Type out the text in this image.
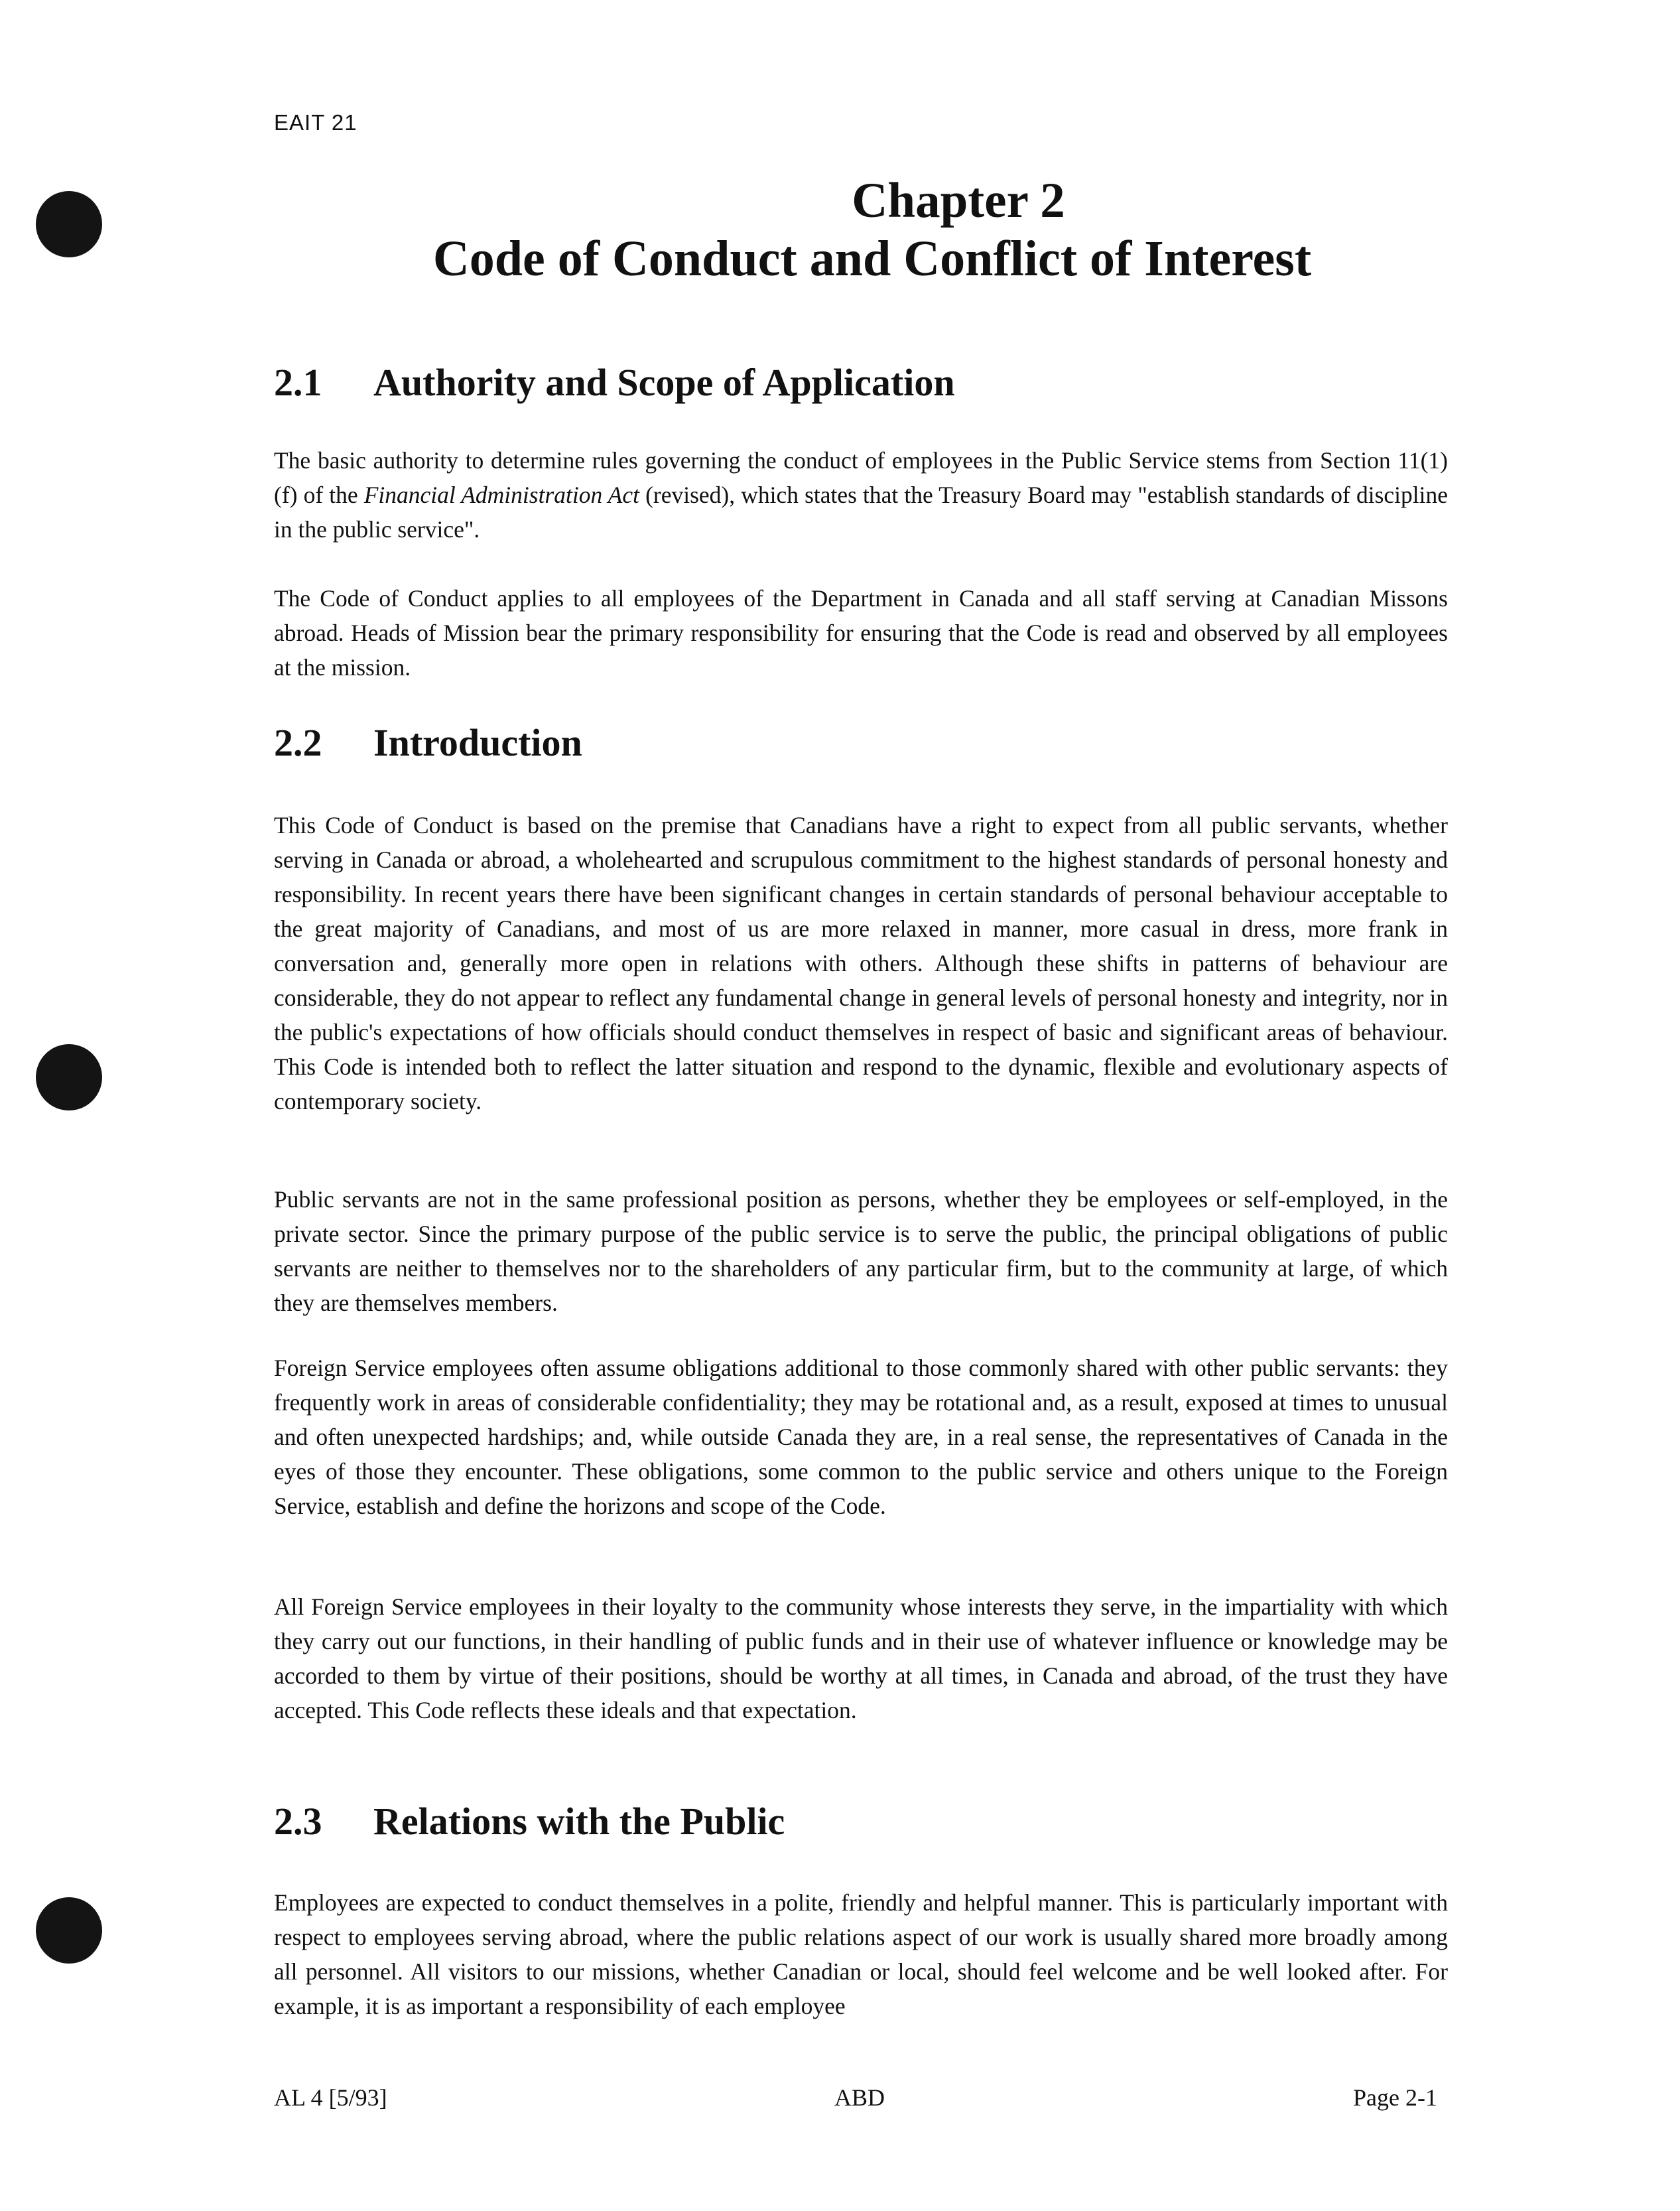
EAIT 21
Chapter 2
Code of Conduct and Conflict of Interest
2.1 Authority and Scope of Application

The basic authority to determine rules governing the conduct of employees in the Public Service stems from Section 11(1)(f) of the Financial Administration Act (revised), which states that the Treasury Board may "establish standards of discipline in the public service".

The Code of Conduct applies to all employees of the Department in Canada and all staff serving at Canadian Missons abroad. Heads of Mission bear the primary responsibility for ensuring that the Code is read and observed by all employees at the mission.

2.2 Introduction

This Code of Conduct is based on the premise that Canadians have a right to expect from all public servants, whether serving in Canada or abroad, a wholehearted and scrupulous commitment to the highest standards of personal honesty and responsibility. In recent years there have been significant changes in certain standards of personal behaviour acceptable to the great majority of Canadians, and most of us are more relaxed in manner, more casual in dress, more frank in conversation and, generally more open in relations with others. Although these shifts in patterns of behaviour are considerable, they do not appear to reflect any fundamental change in general levels of personal honesty and integrity, nor in the public's expectations of how officials should conduct themselves in respect of basic and significant areas of behaviour. This Code is intended both to reflect the latter situation and respond to the dynamic, flexible and evolutionary aspects of contemporary society.

Public servants are not in the same professional position as persons, whether they be employees or self-employed, in the private sector. Since the primary purpose of the public service is to serve the public, the principal obligations of public servants are neither to themselves nor to the shareholders of any particular firm, but to the community at large, of which they are themselves members.

Foreign Service employees often assume obligations additional to those commonly shared with other public servants: they frequently work in areas of considerable confidentiality; they may be rotational and, as a result, exposed at times to unusual and often unexpected hardships; and, while outside Canada they are, in a real sense, the representatives of Canada in the eyes of those they encounter. These obligations, some common to the public service and others unique to the Foreign Service, establish and define the horizons and scope of the Code.

All Foreign Service employees in their loyalty to the community whose interests they serve, in the impartiality with which they carry out our functions, in their handling of public funds and in their use of whatever influence or knowledge may be accorded to them by virtue of their positions, should be worthy at all times, in Canada and abroad, of the trust they have accepted. This Code reflects these ideals and that expectation.

2.3 Relations with the Public

Employees are expected to conduct themselves in a polite, friendly and helpful manner. This is particularly important with respect to employees serving abroad, where the public relations aspect of our work is usually shared more broadly among all personnel. All visitors to our missions, whether Canadian or local, should feel welcome and be well looked after. For example, it is as important a responsibility of each employee

AL 4 [5/93]	ABD	Page 2-1
